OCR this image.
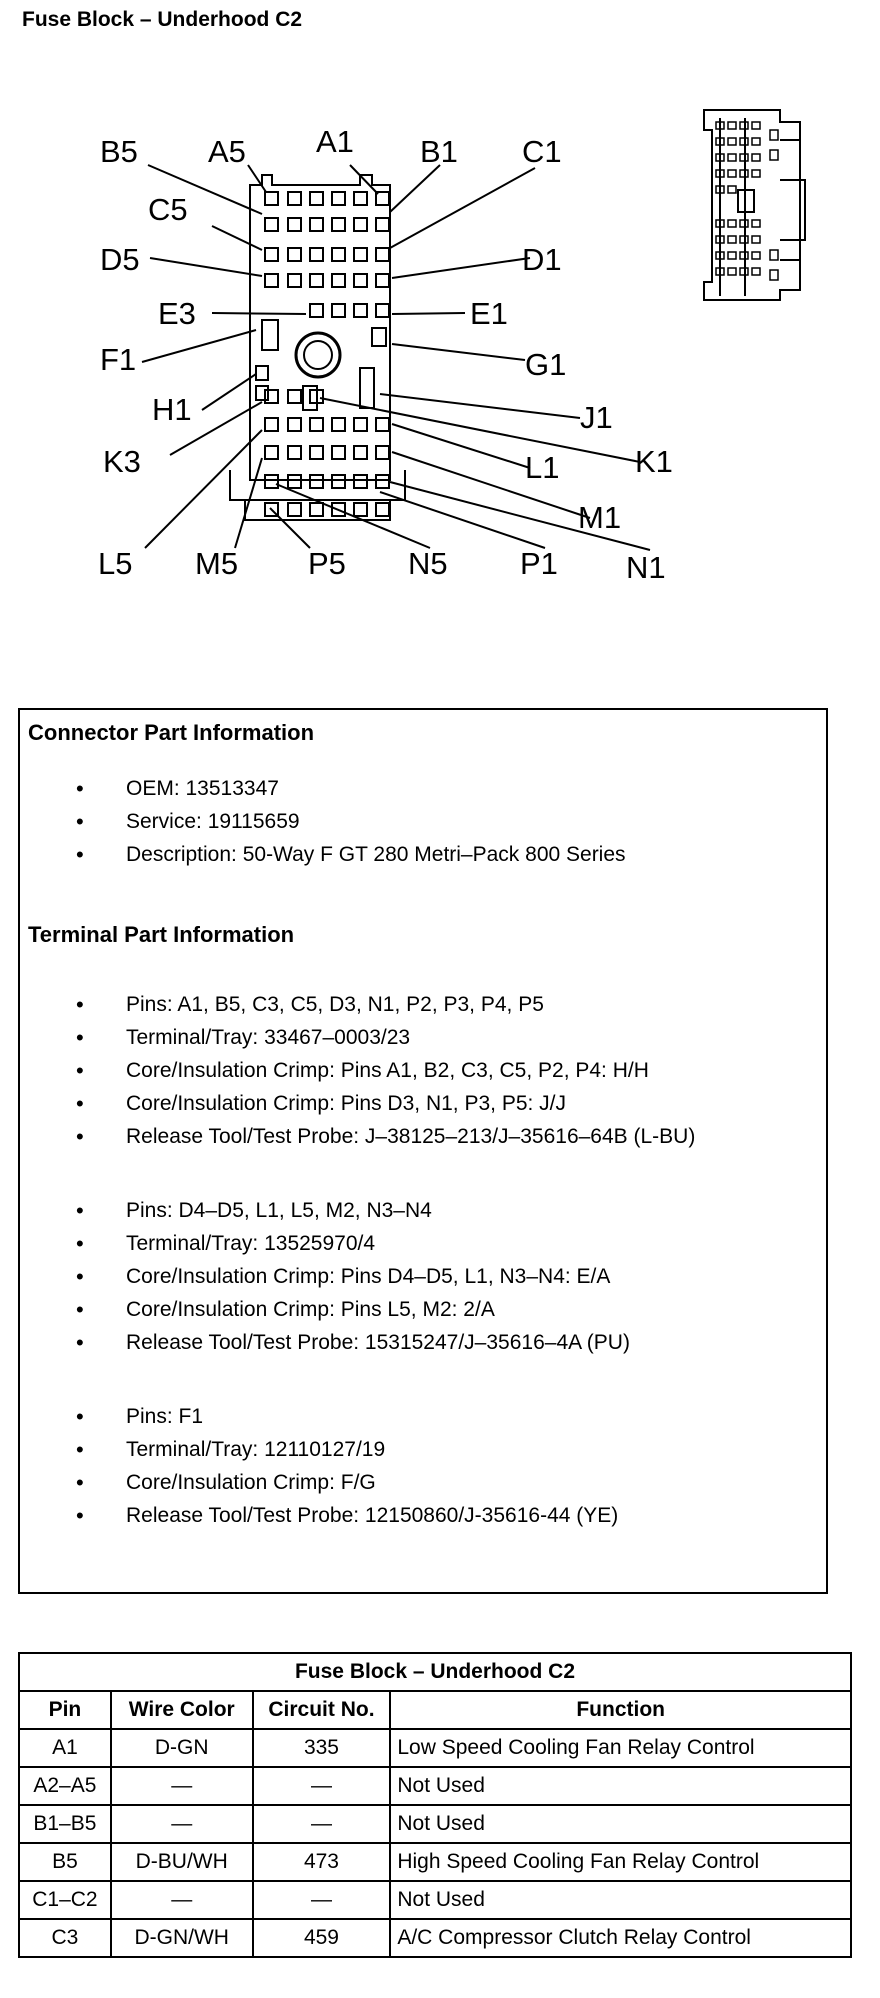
Fuse Block – Underhood C2
B5 A5 A1 B1 C1
C5
D5	D1
E3	E1
F1	G1
H1	J1
K3	K1
L1
M1
L5 M5 P5 N5 P1 N1
Connector Part Information
• OEM: 13513347
• Service: 19115659
• Description: 50-Way F GT 280 Metri–Pack 800 Series
Terminal Part Information
• Pins: A1, B5, C3, C5, D3, N1, P2, P3, P4, P5
• Terminal/Tray: 33467–0003/23
• Core/Insulation Crimp: Pins A1, B2, C3, C5, P2, P4: H/H
• Core/Insulation Crimp: Pins D3, N1, P3, P5: J/J
• Release Tool/Test Probe: J–38125–213/J–35616–64B (L-BU)
• Pins: D4–D5, L1, L5, M2, N3–N4
• Terminal/Tray: 13525970/4
• Core/Insulation Crimp: Pins D4–D5, L1, N3–N4: E/A
• Core/Insulation Crimp: Pins L5, M2: 2/A
• Release Tool/Test Probe: 15315247/J–35616–4A (PU)
• Pins: F1
• Terminal/Tray: 12110127/19
• Core/Insulation Crimp: F/G
• Release Tool/Test Probe: 12150860/J-35616-44 (YE)
Fuse Block – Underhood C2			
Pin	Wire Color	Circuit No.	Function
A1	D-GN	335	Low Speed Cooling Fan Relay Control
A2–A5	—	—	Not Used
B1–B5	—	—	Not Used
B5	D-BU/WH	473	High Speed Cooling Fan Relay Control
C1–C2	—	—	Not Used
C3	D-GN/WH	459	A/C Compressor Clutch Relay Control
